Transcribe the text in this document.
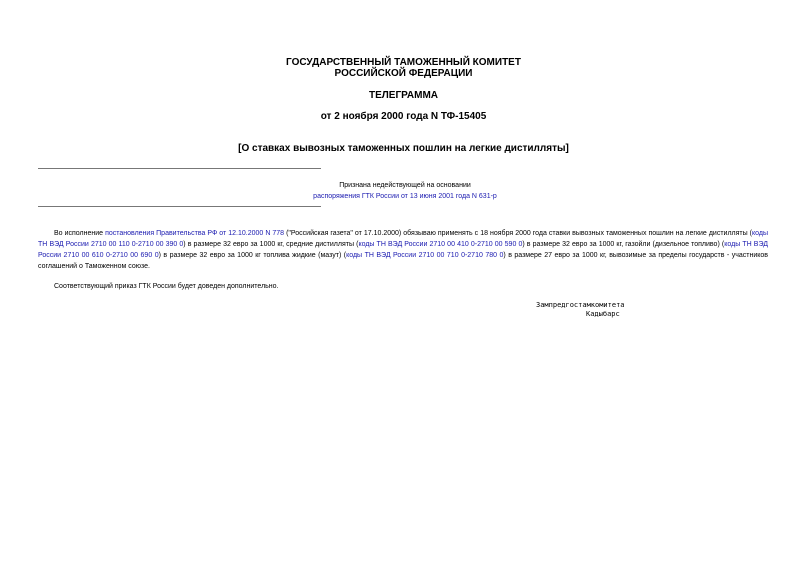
ГОСУДАРСТВЕННЫЙ ТАМОЖЕННЫЙ КОМИТЕТ
РОССИЙСКОЙ ФЕДЕРАЦИИ
ТЕЛЕГРАММА
от 2 ноября 2000 года N ТФ-15405
[О ставках вывозных таможенных пошлин на легкие дистилляты]
Признана недействующей на основании
распоряжения ГТК России от 13 июня 2001 года N 631-р
Во исполнение постановления Правительства РФ от 12.10.2000 N 778 ("Российская газета" от 17.10.2000) обязываю применять с 18 ноября 2000 года ставки вывозных таможенных пошлин на легкие дистилляты (коды ТН ВЭД России 2710 00 110 0-2710 00 390 0) в размере 32 евро за 1000 кг, средние дистилляты (коды ТН ВЭД России 2710 00 410 0-2710 00 590 0) в размере 32 евро за 1000 кг, газойли (дизельное топливо) (коды ТН ВЭД России 2710 00 610 0-2710 00 690 0) в размере 32 евро за 1000 кг топлива жидкие (мазут) (коды ТН ВЭД России 2710 00 710 0-2710 780 0) в размере 27 евро за 1000 кг, вывозимые за пределы государств - участников соглашений о Таможенном союзе.
Соответствующий приказ ГТК России будет доведен дополнительно.
Зампредгостамкомитета
Кадыбарс
